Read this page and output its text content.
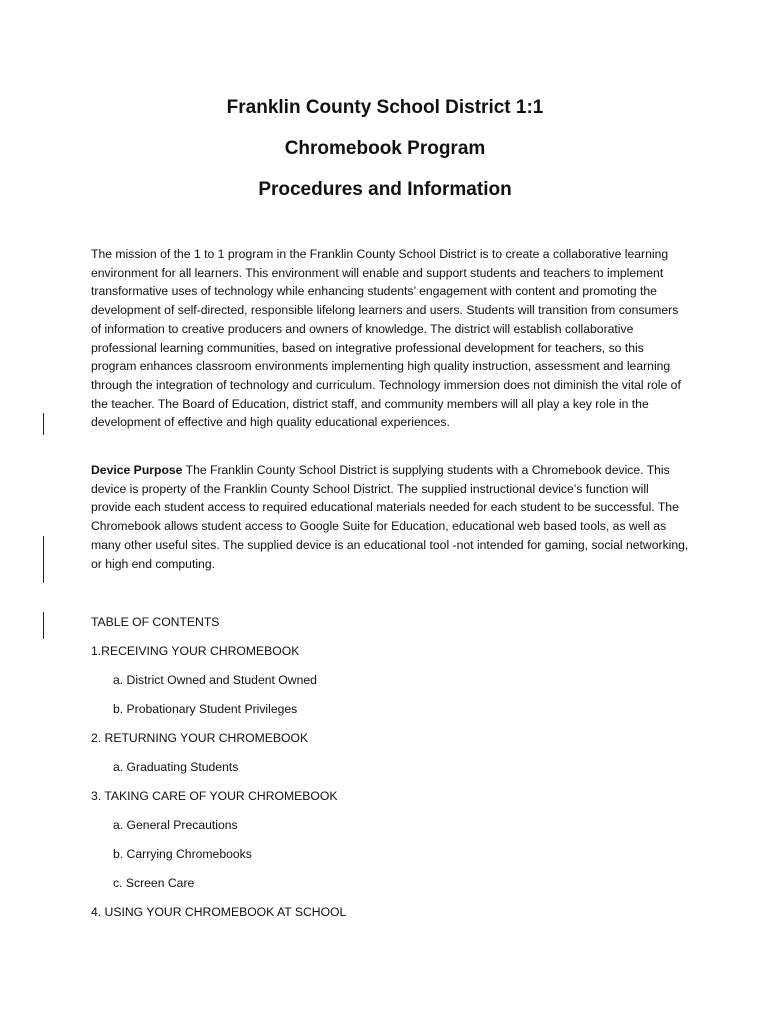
Franklin County School District 1:1
Chromebook Program
Procedures and Information

The mission of the 1 to 1 program in the Franklin County School District is to create a collaborative learning environment for all learners. This environment will enable and support students and teachers to implement transformative uses of technology while enhancing students’ engagement with content and promoting the development of self-directed, responsible lifelong learners and users. Students will transition from consumers of information to creative producers and owners of knowledge. The district will establish collaborative professional learning communities, based on integrative professional development for teachers, so this program enhances classroom environments implementing high quality instruction, assessment and learning through the integration of technology and curriculum. Technology immersion does not diminish the vital role of the teacher. The Board of Education, district staff, and community members will all play a key role in the development of effective and high quality educational experiences.

Device Purpose The Franklin County School District is supplying students with a Chromebook device. This device is property of the Franklin County School District. The supplied instructional device’s function will provide each student access to required educational materials needed for each student to be successful. The Chromebook allows student access to Google Suite for Education, educational web based tools, as well as many other useful sites. The supplied device is an educational tool -not intended for gaming, social networking, or high end computing.

TABLE OF CONTENTS

1.RECEIVING YOUR CHROMEBOOK

a. District Owned and Student Owned

b. Probationary Student Privileges

2. RETURNING YOUR CHROMEBOOK

a. Graduating Students

3. TAKING CARE OF YOUR CHROMEBOOK

a. General Precautions

b. Carrying Chromebooks

c. Screen Care

4. USING YOUR CHROMEBOOK AT SCHOOL
